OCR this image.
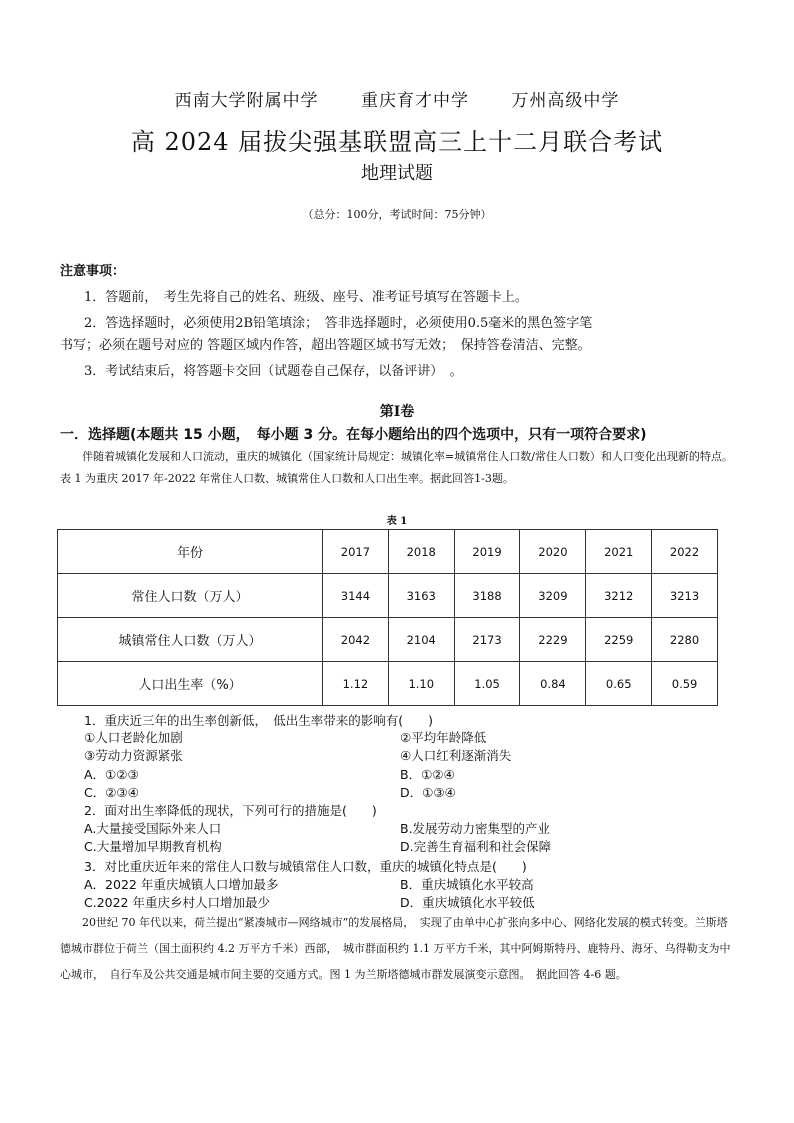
西南大学附属中学 重庆育才中学 万州高级中学
高 2024 届拔尖强基联盟高三上十二月联合考试
地理试题
（总分：100分，考试时间：75分钟）
注意事项：
1．答题前，　考生先将自己的姓名、班级、座号、准考证号填写在答题卡上。
2．答选择题时，必须使用2B铅笔填涂；　答非选择题时，必须使用0.5毫米的黑色签字笔
书写；必须在题号对应的 答题区域内作答，超出答题区域书写无效；　保持答卷清洁、完整。
3．考试结束后，将答题卡交回（试题卷自己保存，以备评讲）　。
第Ⅰ卷
一．选择题(本题共 15 小题，　每小题 3 分。在每小题给出的四个选项中，只有一项符合要求)
伴随着城镇化发展和人口流动，重庆的城镇化（国家统计局规定：城镇化率=城镇常住人口数/常住人口数）和人口变化出现新的特点。表 1 为重庆 2017 年-2022 年常住人口数、城镇常住人口数和人口出生率。据此回答1-3题。
表 1
年份	2017	2018	2019	2020	2021	2022
常住人口数（万人）	3144	3163	3188	3209	3212	3213
城镇常住人口数（万人）	2042	2104	2173	2229	2259	2280
人口出生率（%）	1.12	1.10	1.05	0.84	0.65	0.59
1．重庆近三年的出生率创新低，　低出生率带来的影响有(　　)
①人口老龄化加剧	②平均年龄降低
③劳动力资源紧张	④人口红利逐渐消失
A．①②③	B．①②④
C．②③④	D．①③④
2．面对出生率降低的现状，下列可行的措施是(　　)
A.大量接受国际外来人口	B.发展劳动力密集型的产业
C.大量增加早期教育机构	D.完善生育福利和社会保障
3．对比重庆近年来的常住人口数与城镇常住人口数，重庆的城镇化特点是(　　)
A．2022 年重庆城镇人口增加最多	B．重庆城镇化水平较高
C.2022 年重庆乡村人口增加最少	D．重庆城镇化水平较低
20世纪 70 年代以来，荷兰提出“紧凑城市—网络城市”的发展格局，　实现了由单中心扩张向多中心、网络化发展的模式转变。兰斯塔德城市群位于荷兰（国土面积约 4.2 万平方千米）西部，　城市群面积约 1.1 万平方千米，其中阿姆斯特丹、鹿特丹、海牙、乌得勒支为中心城市，　自行车及公共交通是城市间主要的交通方式。图 1 为兰斯塔德城市群发展演变示意图。　据此回答 4-6 题。
